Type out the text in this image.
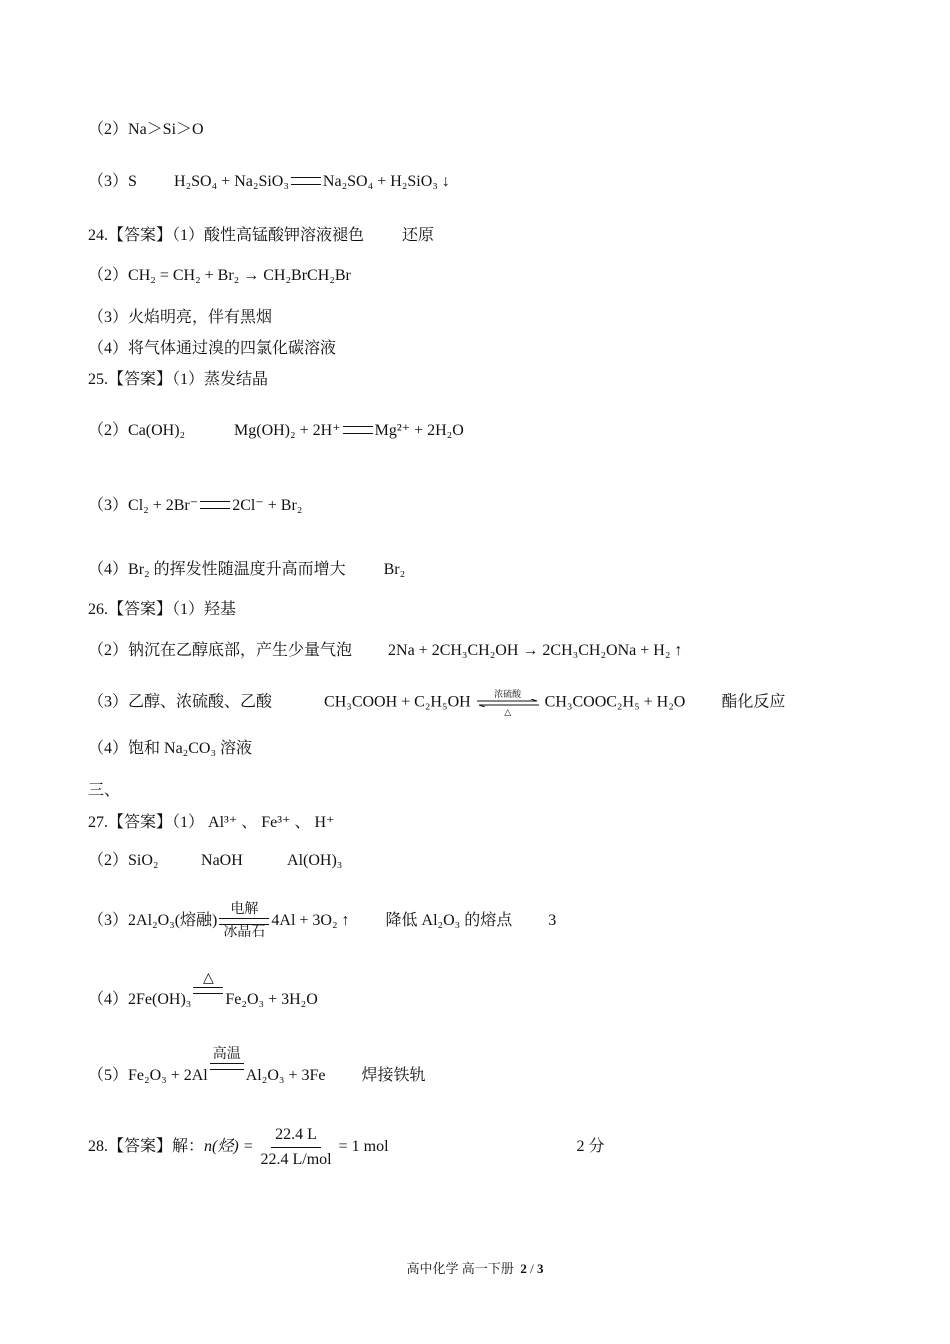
（2）Na＞Si＞O
（3）S H₂SO₄ + Na₂SiO₃ Na₂SO₄ + H₂SiO₃ ↓
24.【答案】（1）酸性高锰酸钾溶液褪色 还原
（2）CH₂ = CH₂ + Br₂ → CH₂BrCH₂Br
（3）火焰明亮，伴有黑烟
（4）将气体通过溴的四氯化碳溶液
25.【答案】（1）蒸发结晶
（2）Ca(OH)₂	Mg(OH)₂ + 2H⁺ Mg²⁺ + 2H₂O
（3）Cl₂ + 2Br⁻ 2Cl⁻ + Br₂
（4）Br₂ 的挥发性随温度升高而增大 Br₂
26.【答案】（1）羟基
（2）钠沉在乙醇底部，产生少量气泡 2Na + 2CH₃CH₂OH → 2CH₃CH₂ONa + H₂ ↑
（3）乙醇、浓硫酸、乙酸	CH₃COOH + C₂H₅OH	浓硫酸
△
CH₃COOC₂H₅ + H₂O 酯化反应
（4）饱和 Na₂CO₃ 溶液
三、
27.【答案】（1） Al³⁺ 、 Fe³⁺ 、 H⁺
（2）SiO₂	NaOH	Al(OH)₃
（3） 2Al₂O₃(熔融)
电解
冰晶石
4Al + 3O₂ ↑ 降低 Al₂O₃ 的熔点 3
（4） 2Fe(OH)₃
△

Fe₂O₃ + 3H₂O
（5） Fe₂O₃ + 2Al
高温

Al₂O₃ + 3Fe 焊接铁轨
28.【答案】 解： n(烃) = $\frac{22.4 L}{\text{22.4 L/mol}} = 1$ mol	2 分
高中化学 高一下册 2 / 3
